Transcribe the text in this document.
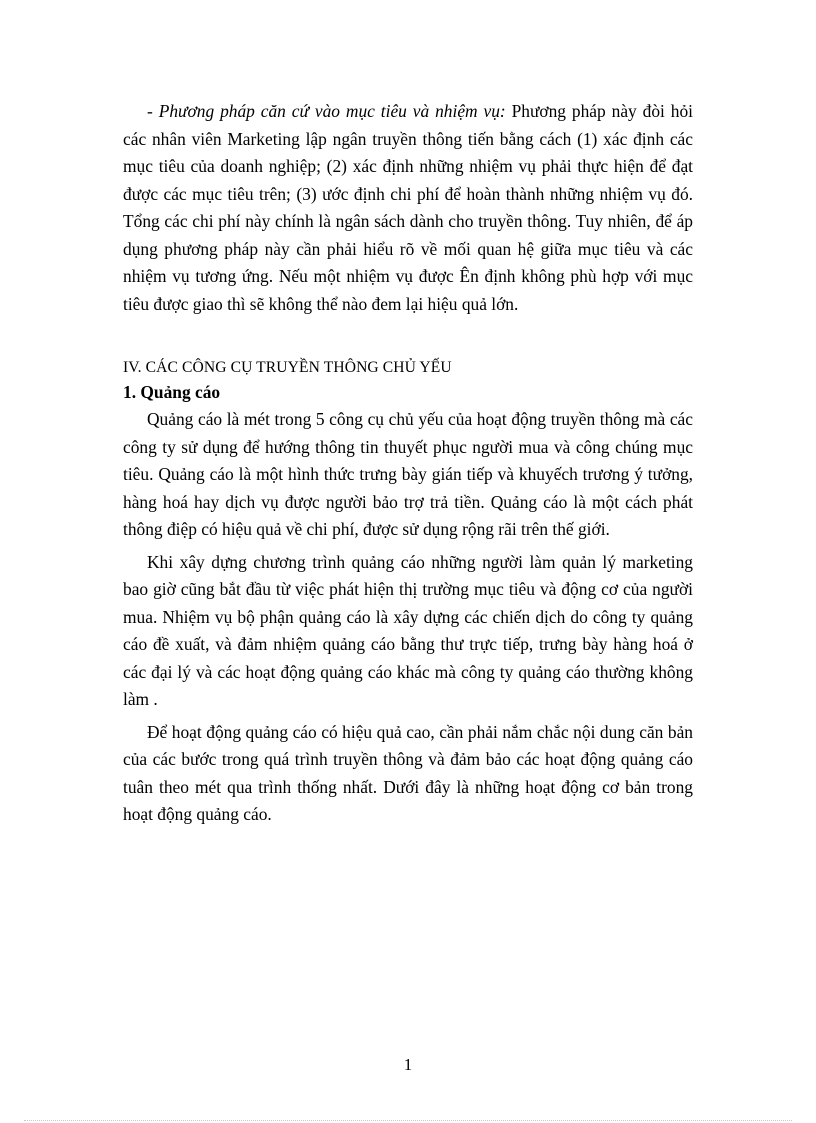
- Phương pháp căn cứ vào mục tiêu và nhiệm vụ: Phương pháp này đòi hỏi các nhân viên Marketing lập ngân truyền thông tiến bằng cách (1) xác định các mục tiêu của doanh nghiệp; (2) xác định những nhiệm vụ phải thực hiện để đạt được các mục tiêu trên; (3) ước định chi phí để hoàn thành những nhiệm vụ đó. Tổng các chi phí này chính là ngân sách dành cho truyền thông. Tuy nhiên, để áp dụng phương pháp này cần phải hiểu rõ về mối quan hệ giữa mục tiêu và các nhiệm vụ tương ứng. Nếu một nhiệm vụ được Ên định không phù hợp với mục tiêu được giao thì sẽ không thể nào đem lại hiệu quả lớn.

IV. CÁC CÔNG CỤ TRUYỀN THÔNG CHỦ YẾU

1. Quảng cáo

Quảng cáo là mét trong 5 công cụ chủ yếu của hoạt động truyền thông mà các công ty sử dụng để hướng thông tin thuyết phục người mua và công chúng mục tiêu. Quảng cáo là một hình thức trưng bày gián tiếp và khuyếch trương ý tưởng, hàng hoá hay dịch vụ được người bảo trợ trả tiền. Quảng cáo là một cách phát thông điệp có hiệu quả về chi phí, được sử dụng rộng rãi trên thế giới.

Khi xây dựng chương trình quảng cáo những người làm quản lý marketing bao giờ cũng bắt đầu từ việc phát hiện thị trường mục tiêu và động cơ của người mua. Nhiệm vụ bộ phận quảng cáo là xây dựng các chiến dịch do công ty quảng cáo đề xuất, và đảm nhiệm quảng cáo bằng thư trực tiếp, trưng bày hàng hoá ở các đại lý và các hoạt động quảng cáo khác mà công ty quảng cáo thường không làm .

Để hoạt động quảng cáo có hiệu quả cao, cần phải nắm chắc nội dung căn bản của các bước trong quá trình truyền thông và đảm bảo các hoạt động quảng cáo tuân theo mét qua trình thống nhất. Dưới đây là những hoạt động cơ bản trong hoạt động quảng cáo.

1
